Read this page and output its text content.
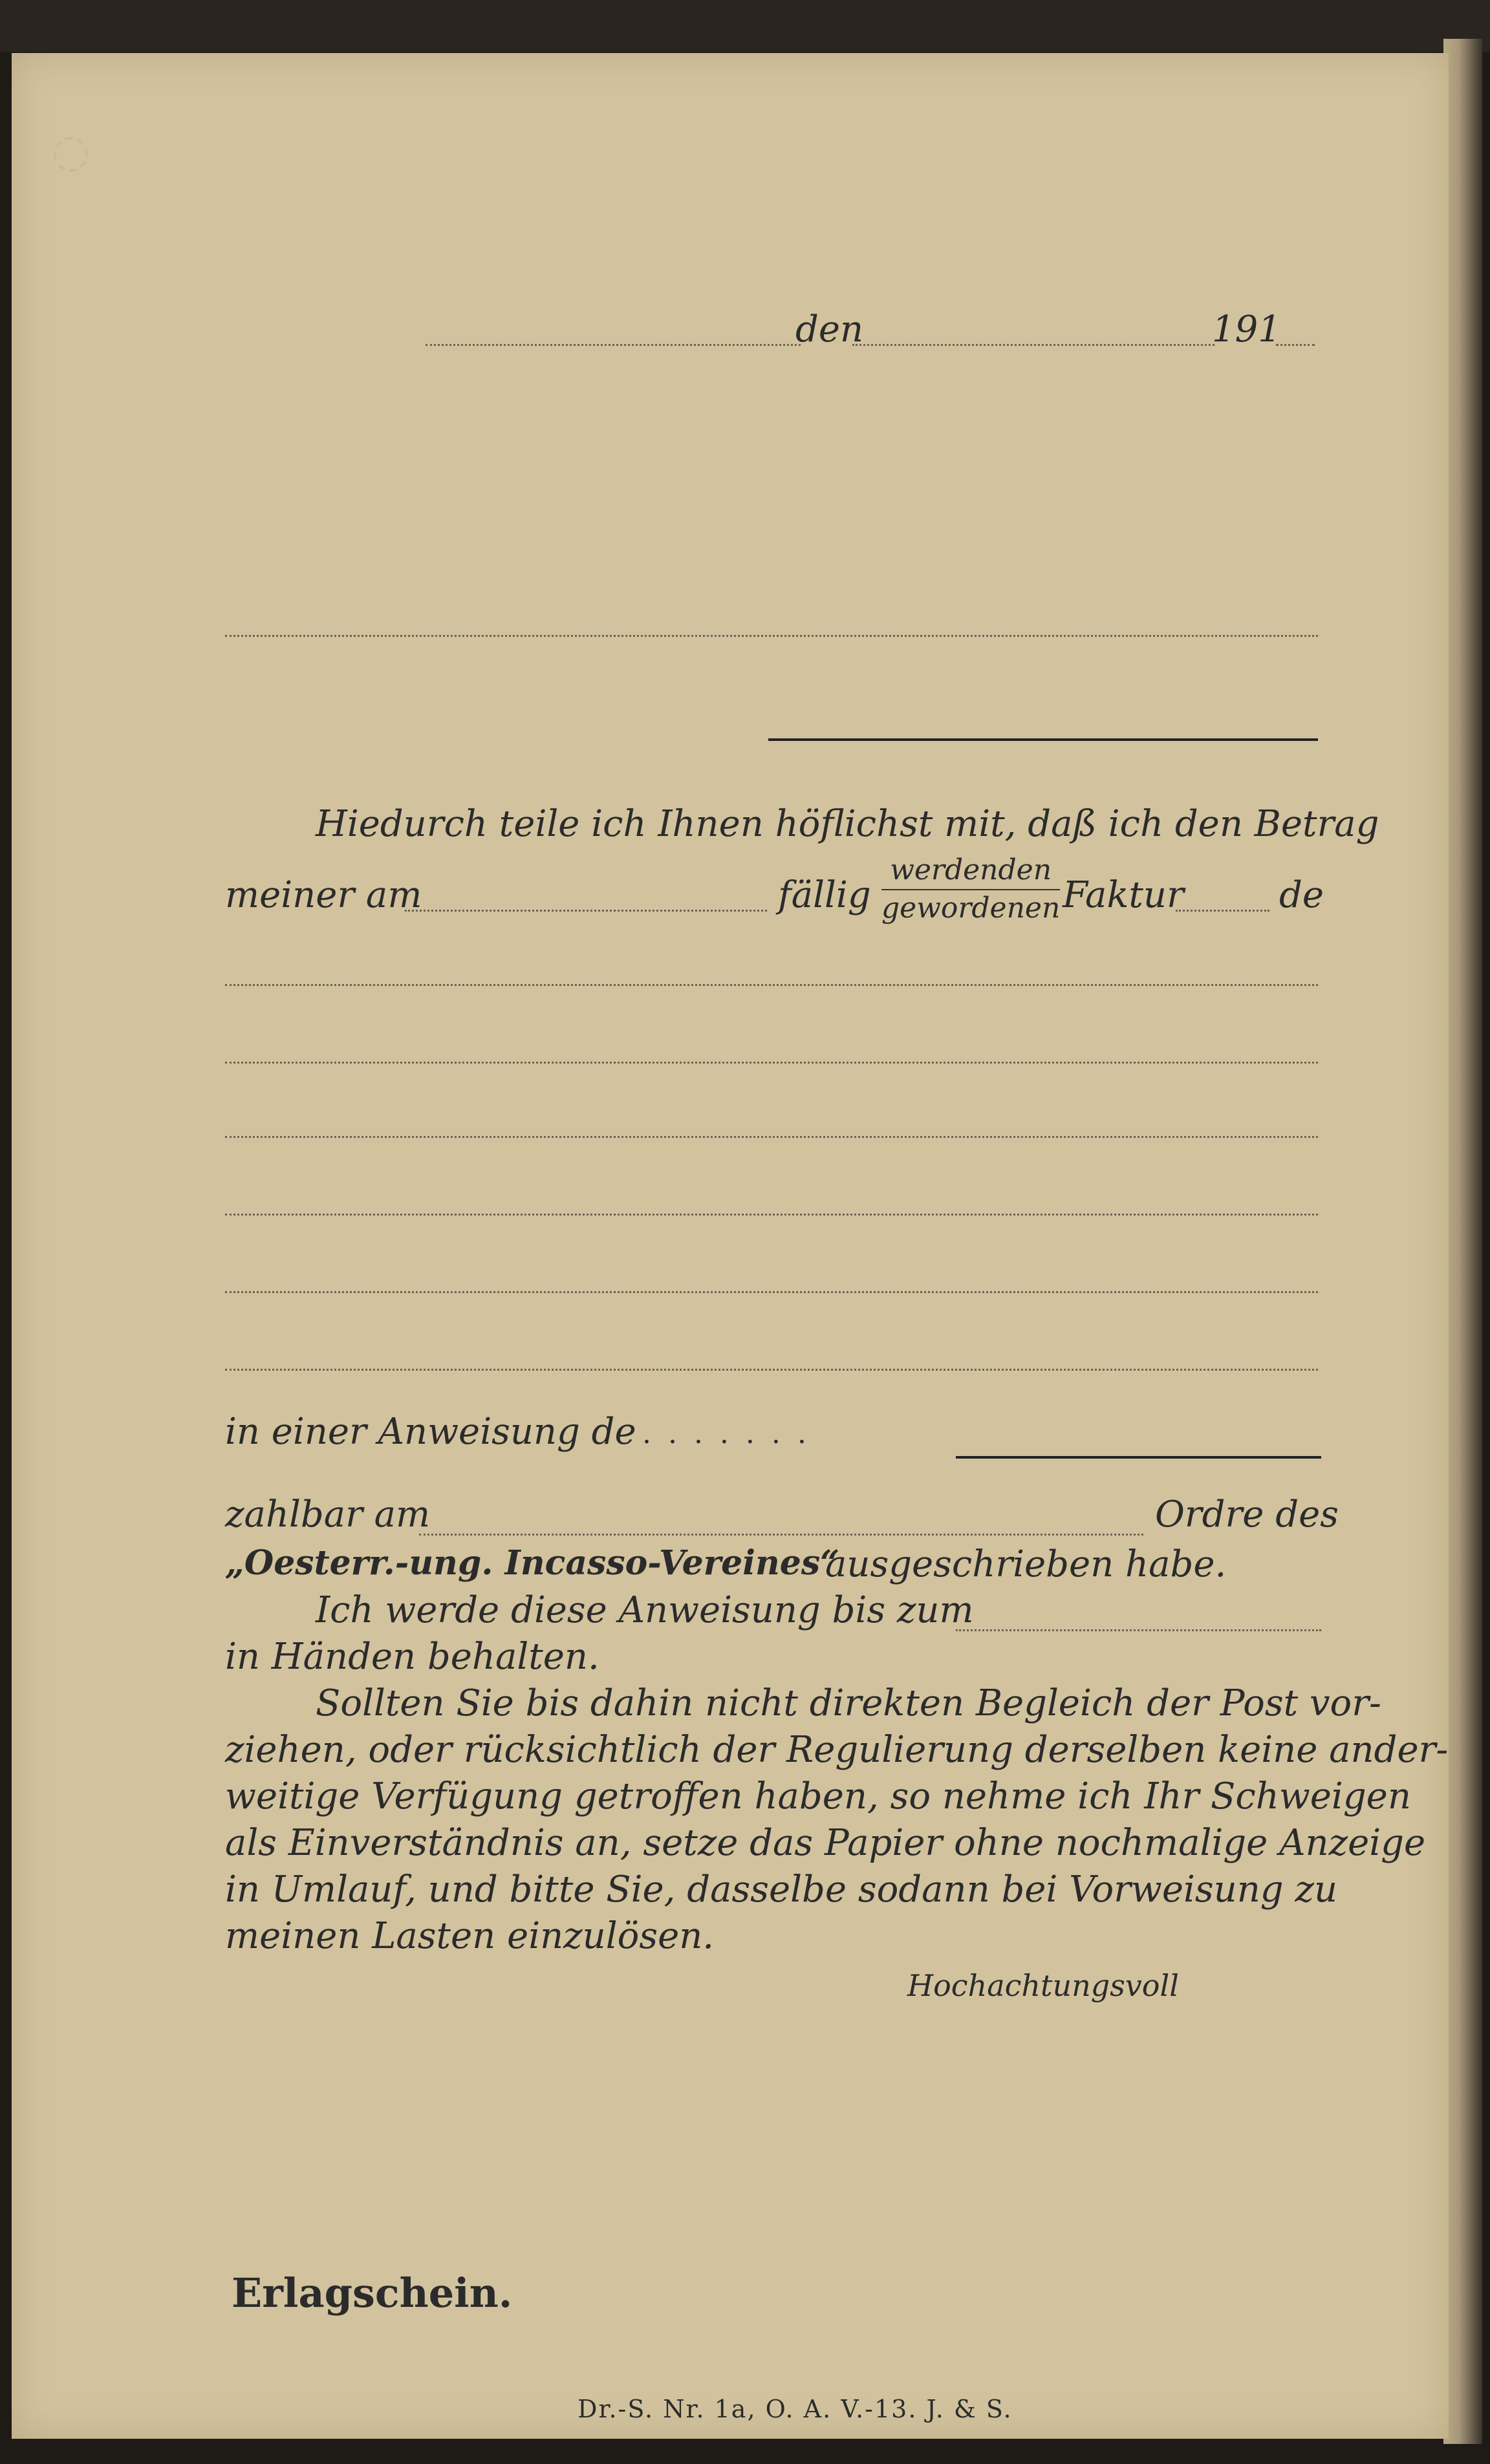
◌
den	191
Hiedurch teile ich Ihnen höflichst mit, daß ich den Betrag
meiner am	fällig
werdenden
gewordenen Faktur	de
in einer Anweisung de . . . . . . .
zahlbar am	Ordre des
„Oesterr.-ung. Incasso-Vereines“
ausgeschrieben habe.
Ich werde diese Anweisung bis zum
in Händen behalten.
Sollten Sie bis dahin nicht direkten Begleich der Post vor-
ziehen, oder rücksichtlich der Regulierung derselben keine ander-
weitige Verfügung getroffen haben, so nehme ich Ihr Schweigen
als Einverständnis an, setze das Papier ohne nochmalige Anzeige
in Umlauf, und bitte Sie, dasselbe sodann bei Vorweisung zu
meinen Lasten einzulösen.
Hochachtungsvoll
Erlagschein.
Dr.-S. Nr. 1a, O. A. V.-13. J. & S.
